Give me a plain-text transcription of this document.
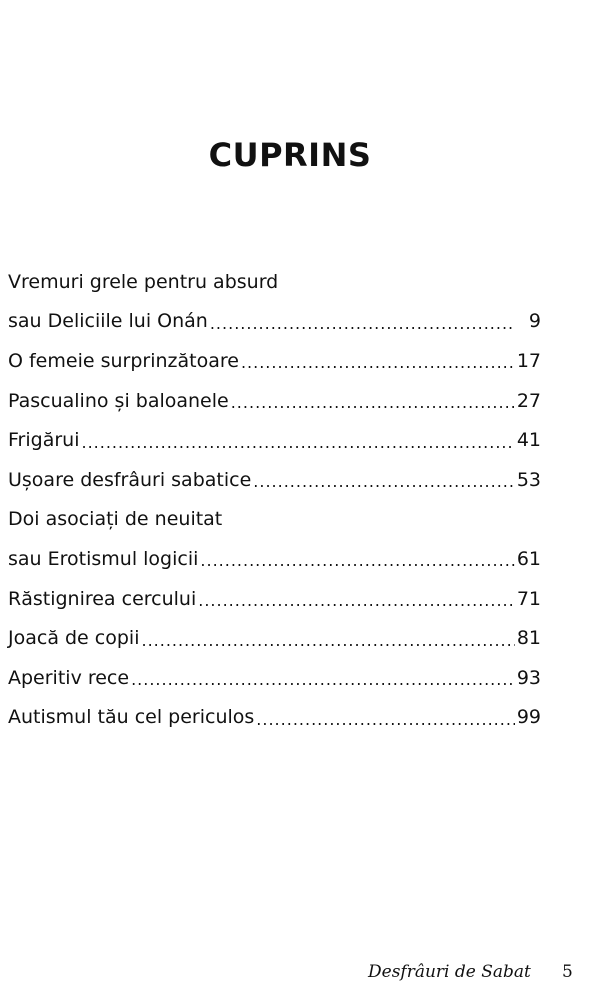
CUPRINS
Vremuri grele pentru absurd
sau Deliciile lui Onán .....	9
O femeie surprinzătoare .....	17
Pascualino și baloanele .....	27
Frigărui .....	41
Ușoare desfrâuri sabatice .....	53
Doi asociați de neuitat
sau Erotismul logicii .....	61
Răstignirea cercului .....	71
Joacă de copii .....	81
Aperitiv rece .....	93
Autismul tău cel periculos .....	99
Desfrâuri de Sabat 5
